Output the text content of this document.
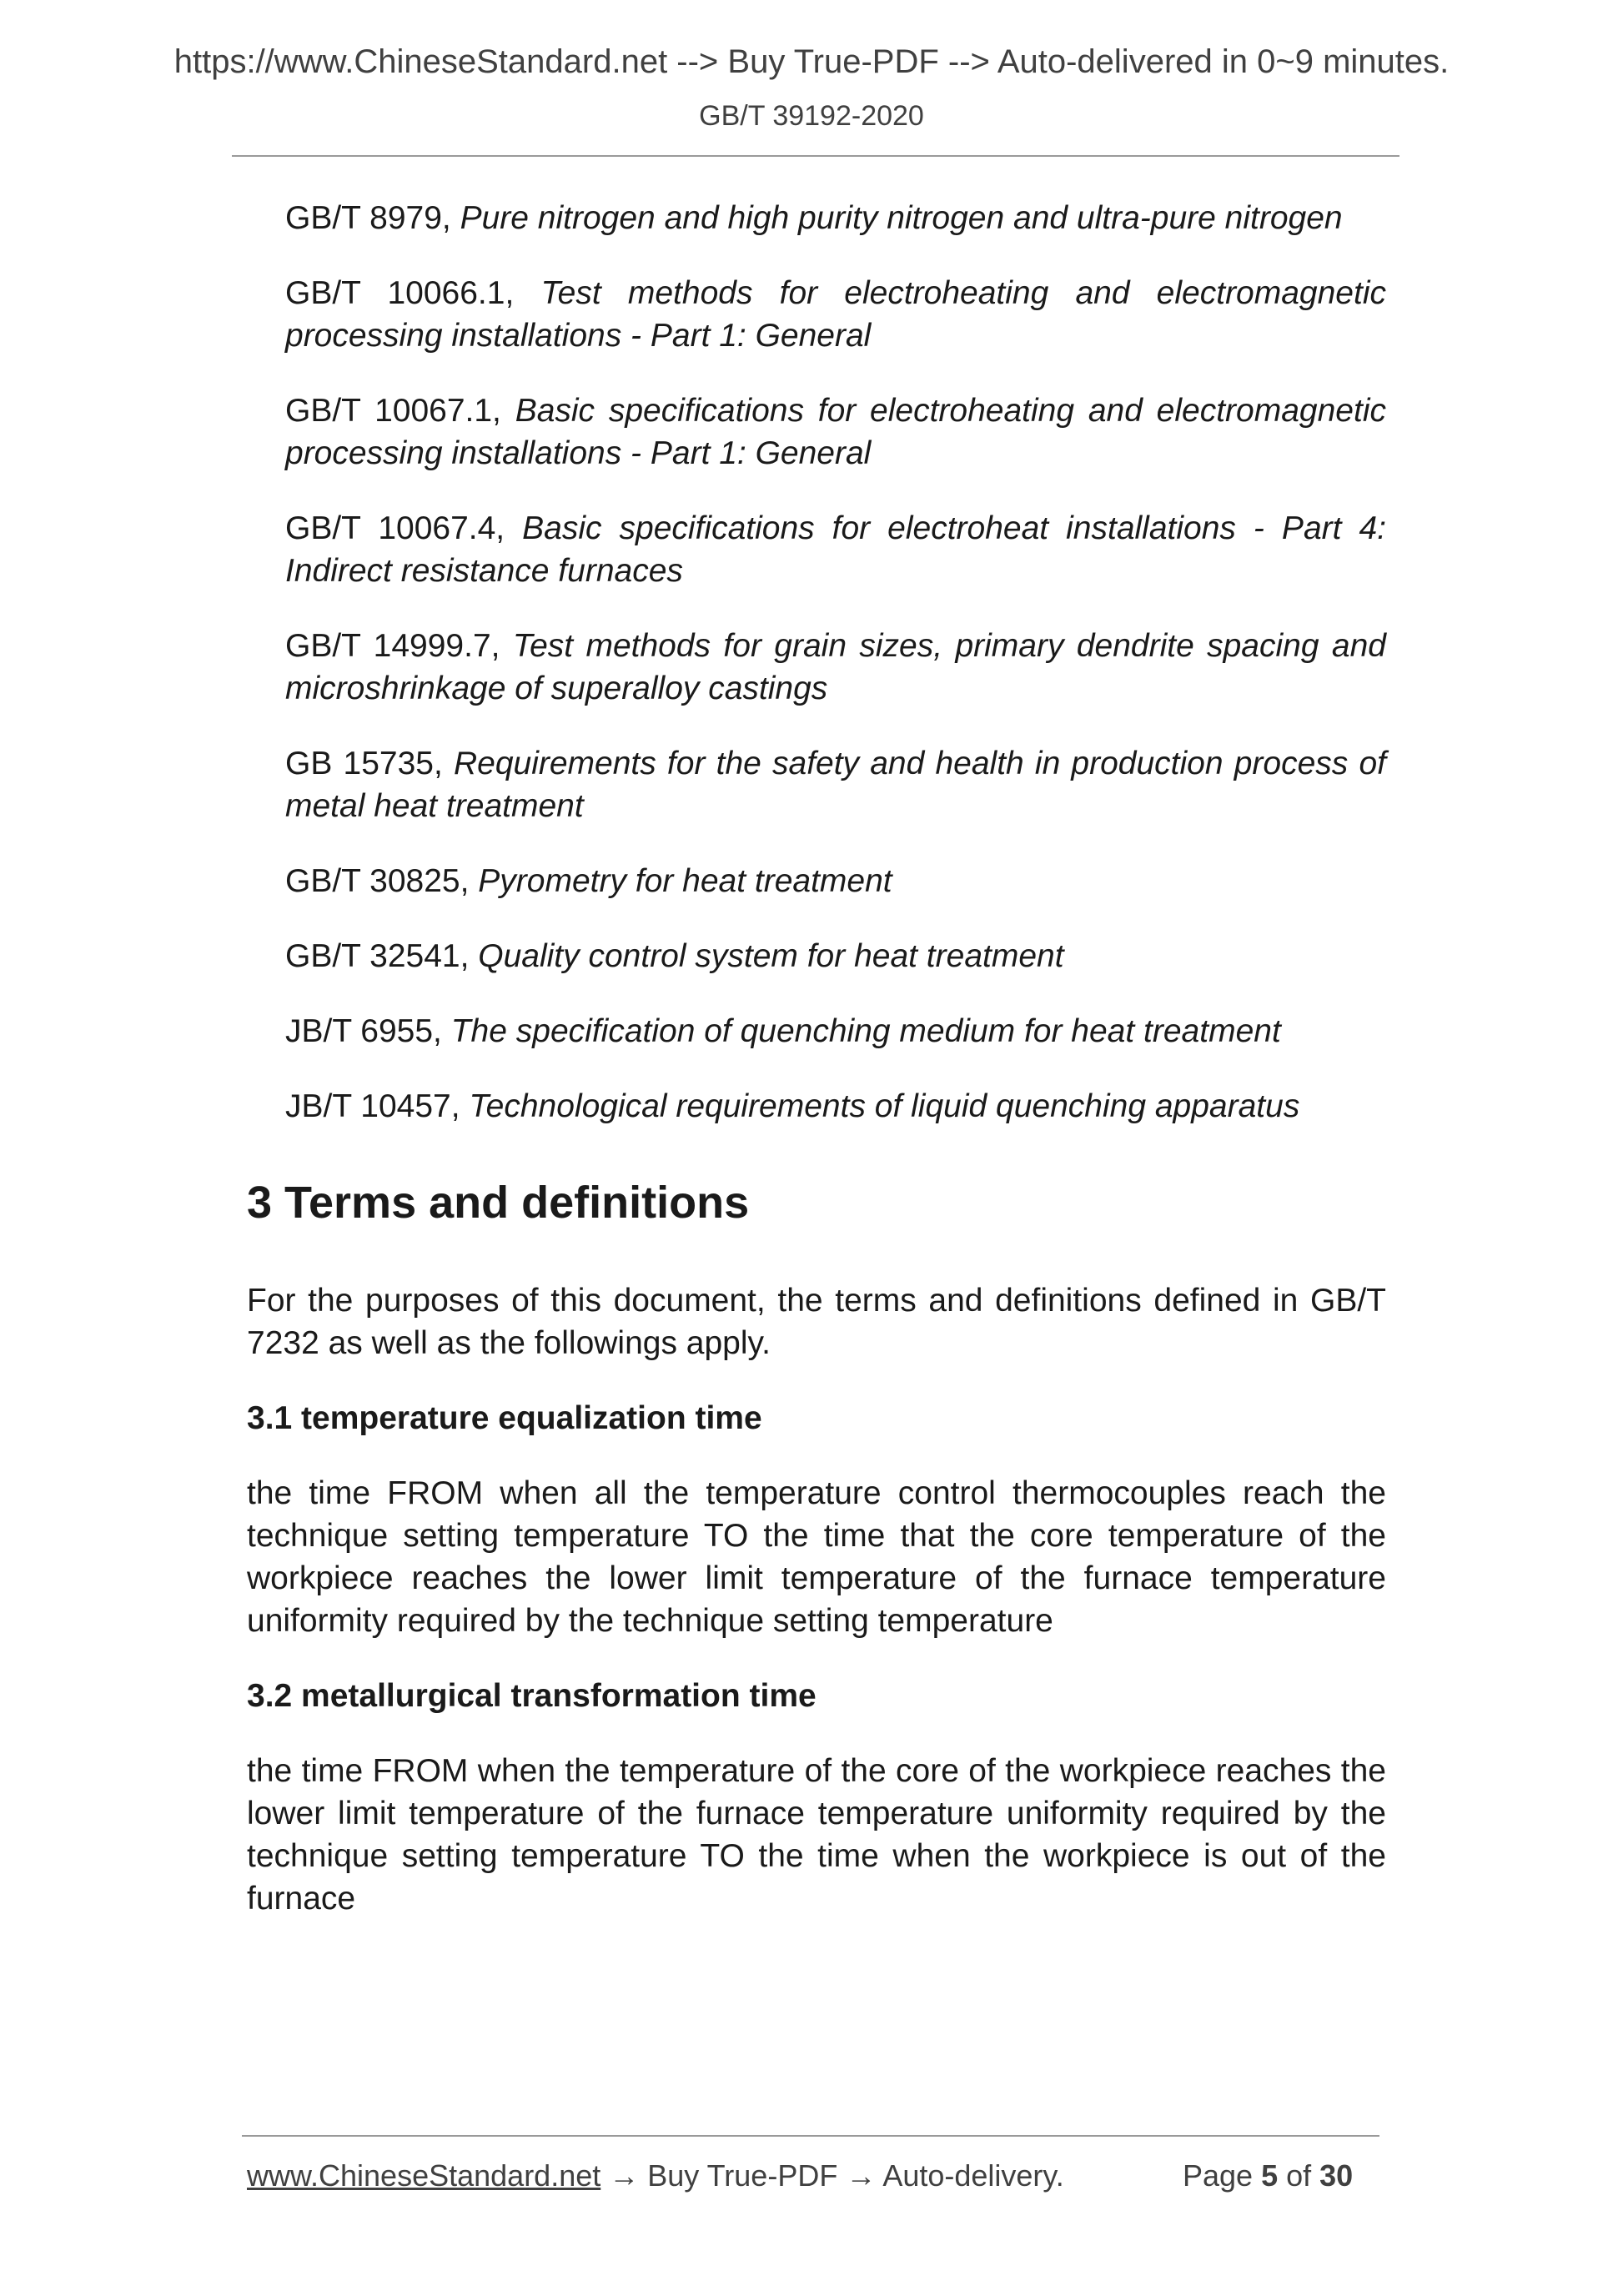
https://www.ChineseStandard.net --> Buy True-PDF --> Auto-delivered in 0~9 minutes.
GB/T 39192-2020

GB/T 8979, Pure nitrogen and high purity nitrogen and ultra-pure nitrogen

GB/T 10066.1, Test methods for electroheating and electromagnetic processing installations - Part 1: General

GB/T 10067.1, Basic specifications for electroheating and electromagnetic processing installations - Part 1: General

GB/T 10067.4, Basic specifications for electroheat installations - Part 4: Indirect resistance furnaces

GB/T 14999.7, Test methods for grain sizes, primary dendrite spacing and microshrinkage of superalloy castings

GB 15735, Requirements for the safety and health in production process of metal heat treatment

GB/T 30825, Pyrometry for heat treatment

GB/T 32541, Quality control system for heat treatment

JB/T 6955, The specification of quenching medium for heat treatment

JB/T 10457, Technological requirements of liquid quenching apparatus

3 Terms and definitions

For the purposes of this document, the terms and definitions defined in GB/T 7232 as well as the followings apply.

3.1 temperature equalization time

the time FROM when all the temperature control thermocouples reach the technique setting temperature TO the time that the core temperature of the workpiece reaches the lower limit temperature of the furnace temperature uniformity required by the technique setting temperature

3.2 metallurgical transformation time

the time FROM when the temperature of the core of the workpiece reaches the lower limit temperature of the furnace temperature uniformity required by the technique setting temperature TO the time when the workpiece is out of the furnace

www.ChineseStandard.net → Buy True-PDF → Auto-delivery.	Page 5 of 30
